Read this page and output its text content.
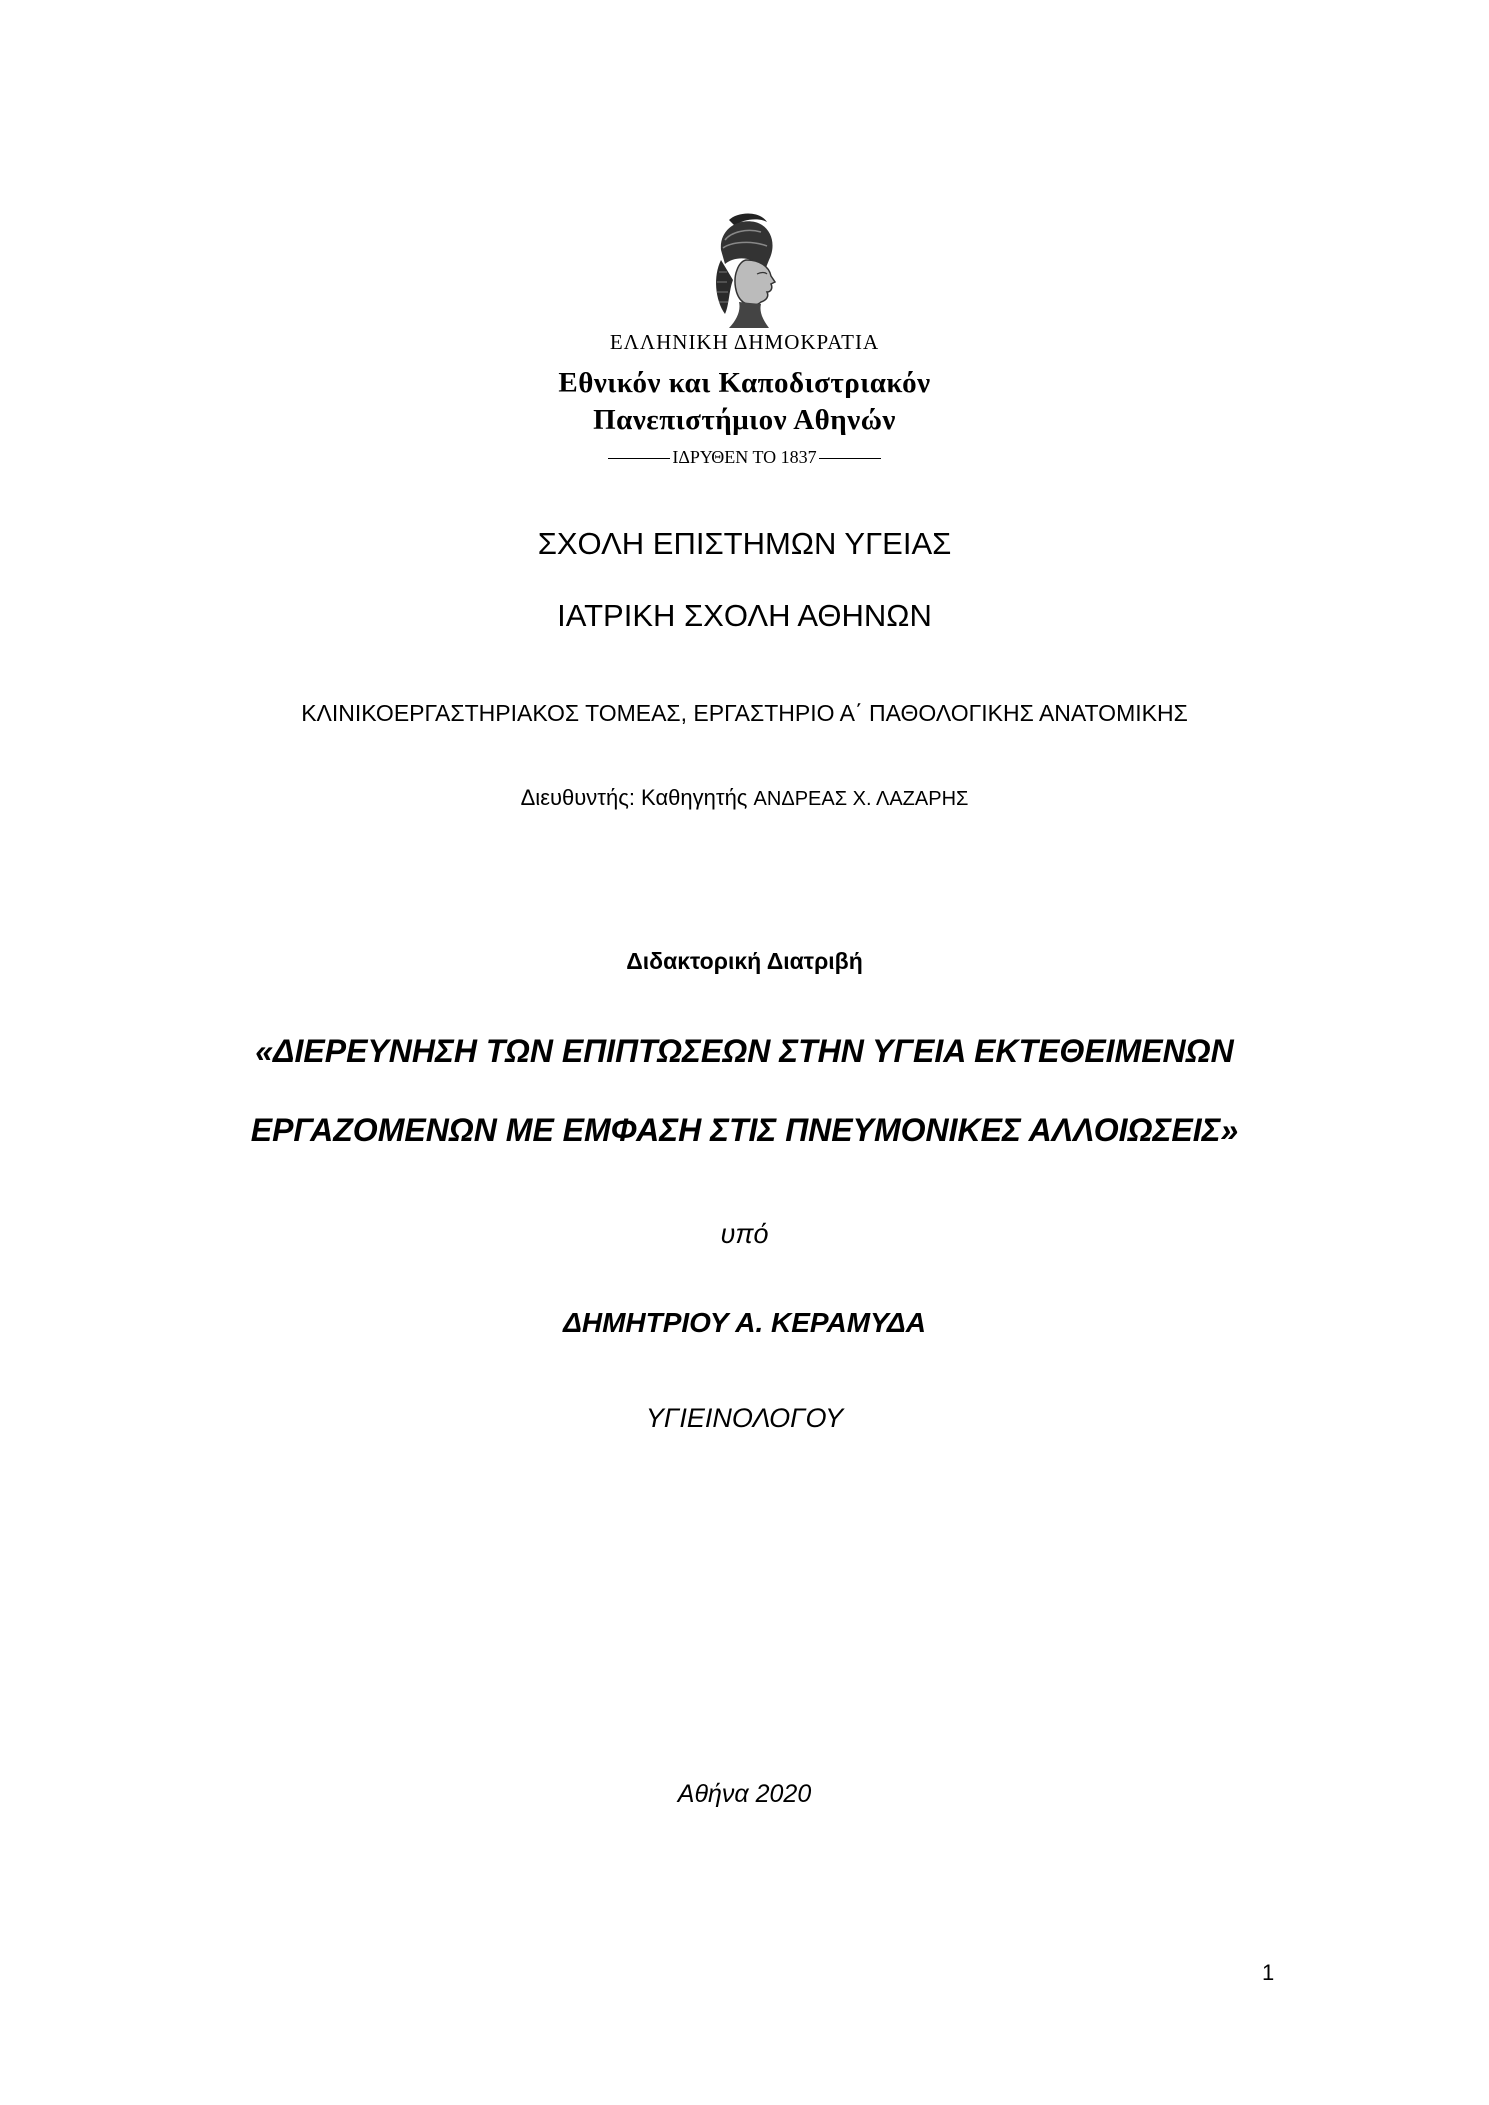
ΕΛΛΗΝΙΚΗ ΔΗΜΟΚΡΑΤΙΑ
Εθνικόν και Καποδιστριακόν
Πανεπιστήμιον Αθηνών
ΙΔΡΥΘΕΝ ΤΟ 1837
ΣΧΟΛΗ ΕΠΙΣΤΗΜΩΝ ΥΓΕΙΑΣ
ΙΑΤΡΙΚΗ ΣΧΟΛΗ ΑΘΗΝΩΝ
ΚΛΙΝΙΚΟΕΡΓΑΣΤΗΡΙΑΚΟΣ ΤΟΜΕΑΣ, ΕΡΓΑΣΤΗΡΙΟ Α΄ ΠΑΘΟΛΟΓΙΚΗΣ ΑΝΑΤΟΜΙΚΗΣ
Διευθυντής: Καθηγητής ΑΝΔΡΕΑΣ Χ. ΛΑΖΑΡΗΣ
Διδακτορική Διατριβή
«ΔΙΕΡΕΥΝΗΣΗ ΤΩΝ ΕΠΙΠΤΩΣΕΩΝ ΣΤΗΝ ΥΓΕΙΑ ΕΚΤΕΘΕΙΜΕΝΩΝ
ΕΡΓΑΖΟΜΕΝΩΝ ΜΕ ΕΜΦΑΣΗ ΣΤΙΣ ΠΝΕΥΜΟΝΙΚΕΣ ΑΛΛΟΙΩΣΕΙΣ»
υπό
ΔΗΜΗΤΡΙΟΥ Α. ΚΕΡΑΜΥΔΑ
ΥΓΙΕΙΝΟΛΟΓΟΥ
Αθήνα 2020
1
